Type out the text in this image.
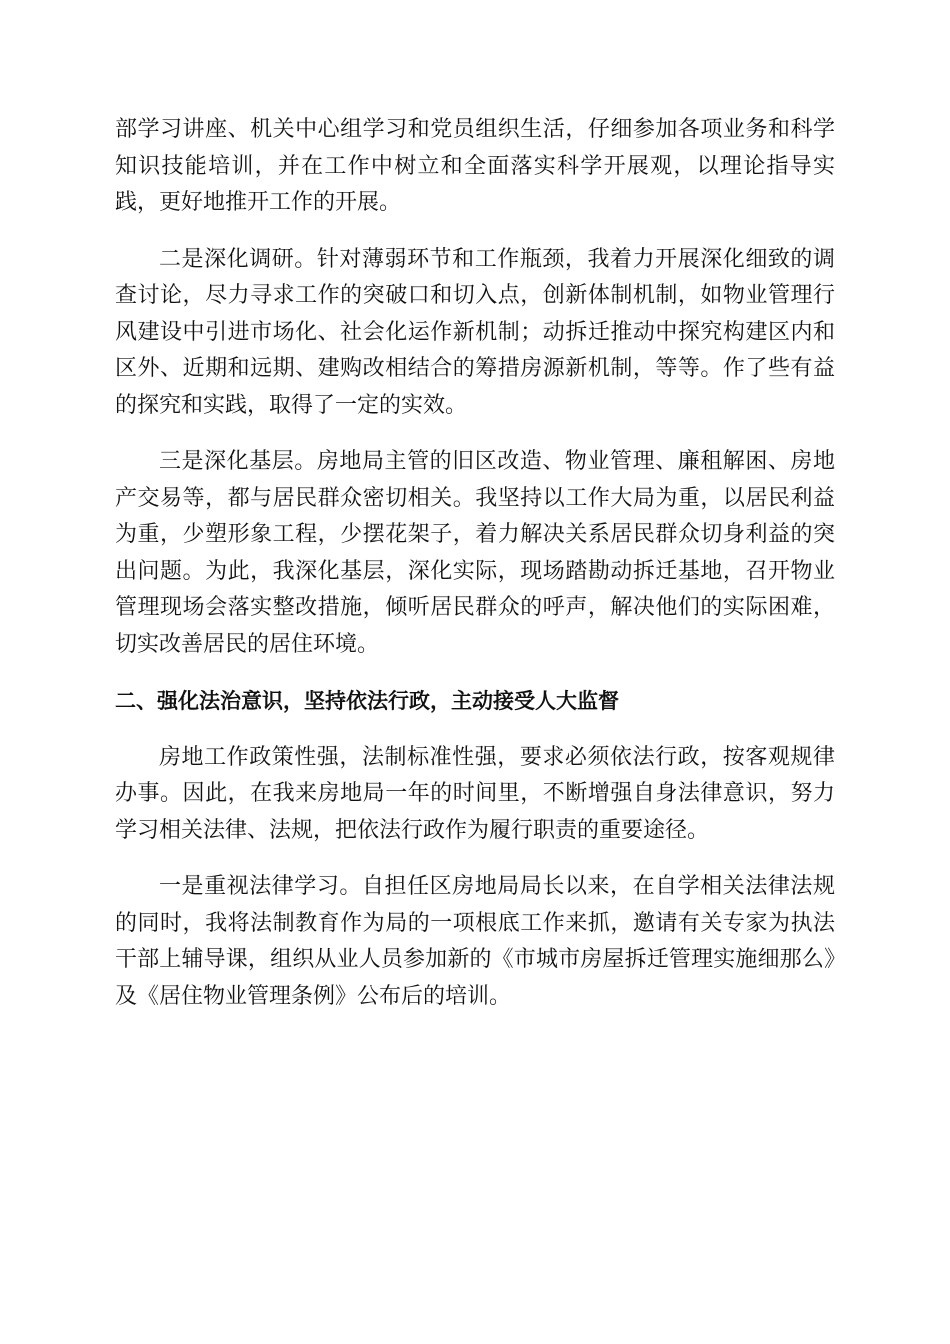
部学习讲座、机关中心组学习和党员组织生活，仔细参加各项业务和科学知识技能培训，并在工作中树立和全面落实科学开展观，以理论指导实践，更好地推开工作的开展。

二是深化调研。针对薄弱环节和工作瓶颈，我着力开展深化细致的调查讨论，尽力寻求工作的突破口和切入点，创新体制机制，如物业管理行风建设中引进市场化、社会化运作新机制；动拆迁推动中探究构建区内和区外、近期和远期、建购改相结合的筹措房源新机制，等等。作了些有益的探究和实践，取得了一定的实效。

三是深化基层。房地局主管的旧区改造、物业管理、廉租解困、房地产交易等，都与居民群众密切相关。我坚持以工作大局为重，以居民利益为重，少塑形象工程，少摆花架子，着力解决关系居民群众切身利益的突出问题。为此，我深化基层，深化实际，现场踏勘动拆迁基地，召开物业管理现场会落实整改措施，倾听居民群众的呼声，解决他们的实际困难，切实改善居民的居住环境。

二、强化法治意识，坚持依法行政，主动接受人大监督

房地工作政策性强，法制标准性强，要求必须依法行政，按客观规律办事。因此，在我来房地局一年的时间里，不断增强自身法律意识，努力学习相关法律、法规，把依法行政作为履行职责的重要途径。

一是重视法律学习。自担任区房地局局长以来，在自学相关法律法规的同时，我将法制教育作为局的一项根底工作来抓，邀请有关专家为执法干部上辅导课，组织从业人员参加新的《市城市房屋拆迁管理实施细那么》及《居住物业管理条例》公布后的培训。
